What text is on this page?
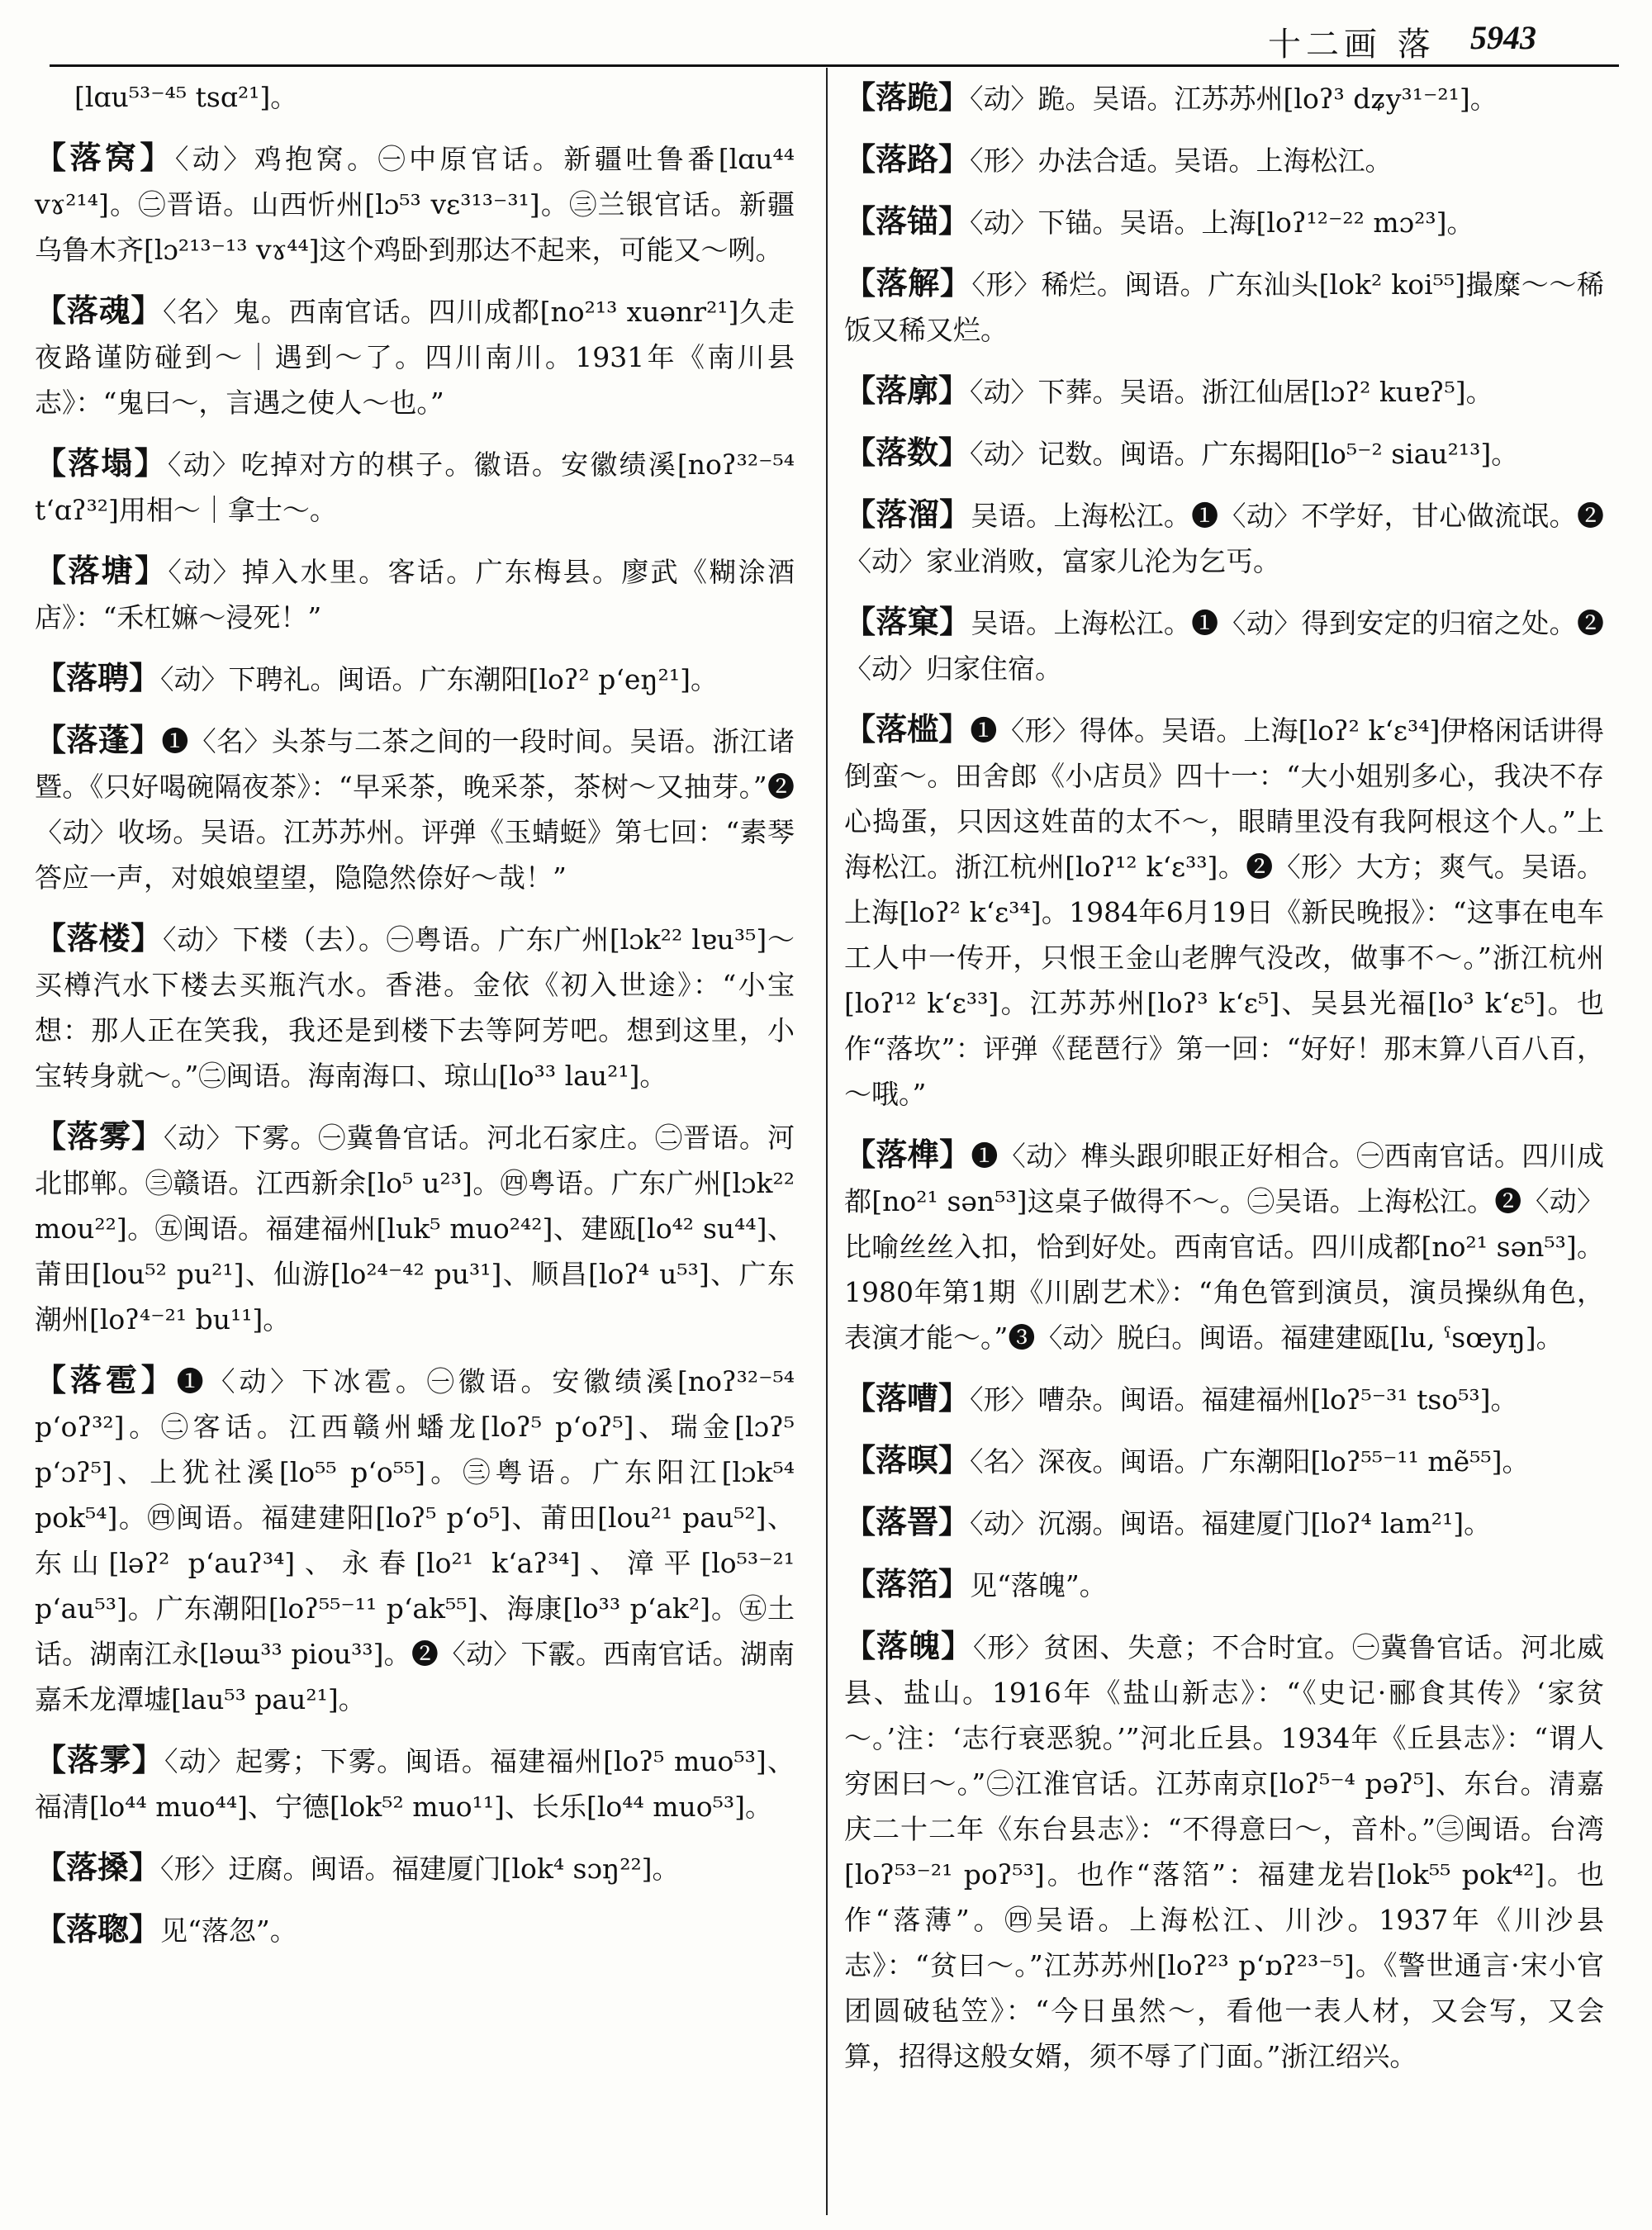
十二画 落 5943

[lɑu⁵³⁻⁴⁵ tsɑ²¹]。

【 落窝 】 〈动〉鸡抱窝。㊀中原官话。新疆吐鲁番[lɑu⁴⁴ vɤ²¹⁴]。㊁晋语。山西忻州[lɔ⁵³ vɛ³¹³⁻³¹]。㊂兰银官话。新疆乌鲁木齐[lɔ²¹³⁻¹³ vɤ⁴⁴]这个鸡卧到那达不起来，可能又～咧。

【 落魂 】 〈名〉鬼。西南官话。四川成都[no²¹³ xuənr²¹]久走夜路谨防碰到～｜遇到～了。四川南川。1931年《南川县志》：“鬼曰～，言遇之使人～也。”

【 落塌 】 〈动〉吃掉对方的棋子。徽语。安徽绩溪[noʔ³²⁻⁵⁴ t‘ɑʔ³²]用相～｜拿士～。

【 落塘 】 〈动〉掉入水里。客话。广东梅县。廖武《糊涂酒店》：“禾杠嫲～浸死！”

【 落聘 】 〈动〉下聘礼。闽语。广东潮阳[loʔ² p‘eŋ²¹]。

【 落蓬 】 ❶〈名〉头茶与二茶之间的一段时间。吴语。浙江诸暨。《只好喝碗隔夜茶》：“早采茶，晚采茶，茶树～又抽芽。”❷〈动〉收场。吴语。江苏苏州。评弹《玉蜻蜓》第七回：“素琴答应一声，对娘娘望望，隐隐然倷好～哉！”

【 落楼 】 〈动〉下楼（去）。㊀粤语。广东广州[lɔk²² lɐu³⁵]～买樽汽水下楼去买瓶汽水。香港。金依《初入世途》：“小宝想：那人正在笑我，我还是到楼下去等阿芳吧。想到这里，小宝转身就～。”㊁闽语。海南海口、琼山[lo³³ lau²¹]。

【 落雾 】 〈动〉下雾。㊀冀鲁官话。河北石家庄。㊁晋语。河北邯郸。㊂赣语。江西新余[lo⁵ u²³]。㊃粤语。广东广州[lɔk²² mou²²]。㊄闽语。福建福州[luk⁵ muo²⁴²]、建瓯[lo⁴² su⁴⁴]、莆田[lou⁵² pu²¹]、仙游[lo²⁴⁻⁴² pu³¹]、顺昌[loʔ⁴ u⁵³]、广东潮州[loʔ⁴⁻²¹ bu¹¹]。

【 落雹 】 ❶〈动〉下冰雹。㊀徽语。安徽绩溪[noʔ³²⁻⁵⁴ p‘oʔ³²]。㊁客话。江西赣州蟠龙[loʔ⁵ p‘oʔ⁵]、瑞金[lɔʔ⁵ p‘ɔʔ⁵]、上犹社溪[lo⁵⁵ p‘o⁵⁵]。㊂粤语。广东阳江[lɔk⁵⁴ pok⁵⁴]。㊃闽语。福建建阳[loʔ⁵ p‘o⁵]、莆田[lou²¹ pau⁵²]、东山[ləʔ² p‘auʔ³⁴]、永春[lo²¹ k‘aʔ³⁴]、漳平[lo⁵³⁻²¹ p‘au⁵³]。广东潮阳[loʔ⁵⁵⁻¹¹ p‘ak⁵⁵]、海康[lo³³ p‘ak²]。㊄土话。湖南江永[ləɯ³³ piou³³]。❷〈动〉下霰。西南官话。湖南嘉禾龙潭墟[lau⁵³ pau²¹]。

【 落雺 】 〈动〉起雾；下雾。闽语。福建福州[loʔ⁵ muo⁵³]、福清[lo⁴⁴ muo⁴⁴]、宁德[lok⁵² muo¹¹]、长乐[lo⁴⁴ muo⁵³]。

【 落搡 】 〈形〉迂腐。闽语。福建厦门[lok⁴ sɔŋ²²]。

【 落聦 】 见“落忽”。

【 落跪 】 〈动〉跪。吴语。江苏苏州[loʔ³ dʑy³¹⁻²¹]。

【 落路 】 〈形〉办法合适。吴语。上海松江。

【 落锚 】 〈动〉下锚。吴语。上海[loʔ¹²⁻²² mɔ²³]。

【 落解 】 〈形〉稀烂。闽语。广东汕头[lok² koi⁵⁵]撮糜～～稀饭又稀又烂。

【 落廓 】 〈动〉下葬。吴语。浙江仙居[lɔʔ² kuɐʔ⁵]。

【 落数 】 〈动〉记数。闽语。广东揭阳[lo⁵⁻² siau²¹³]。

【 落溜 】 吴语。上海松江。❶〈动〉不学好，甘心做流氓。❷〈动〉家业消败，富家儿沦为乞丐。

【 落窠 】 吴语。上海松江。❶〈动〉得到安定的归宿之处。❷〈动〉归家住宿。

【 落槛 】 ❶〈形〉得体。吴语。上海[loʔ² k‘ɛ³⁴]伊格闲话讲得倒蛮～。田舍郎《小店员》四十一：“大小姐别多心，我决不存心捣蛋，只因这姓苗的太不～，眼睛里没有我阿根这个人。”上海松江。浙江杭州[loʔ¹² k‘ɛ³³]。❷〈形〉大方；爽气。吴语。上海[loʔ² k‘ɛ³⁴]。1984年6月19日《新民晚报》：“这事在电车工人中一传开，只恨王金山老脾气没改，做事不～。”浙江杭州[loʔ¹² k‘ɛ³³]。江苏苏州[loʔ³ k‘ɛ⁵]、吴县光福[lo³ k‘ɛ⁵]。也作“落坎”：评弹《琵琶行》第一回：“好好！那末算八百八百，～哦。”

【 落榫 】 ❶〈动〉榫头跟卯眼正好相合。㊀西南官话。四川成都[no²¹ sən⁵³]这桌子做得不～。㊁吴语。上海松江。❷〈动〉比喻丝丝入扣，恰到好处。西南官话。四川成都[no²¹ sən⁵³]。1980年第1期《川剧艺术》：“角色管到演员，演员操纵角色，表演才能～。”❸〈动〉脱臼。闽语。福建建瓯[lu, ˤsœyŋ]。

【 落嘈 】 〈形〉嘈杂。闽语。福建福州[loʔ⁵⁻³¹ tso⁵³]。

【 落暝 】 〈名〉深夜。闽语。广东潮阳[loʔ⁵⁵⁻¹¹ mẽ⁵⁵]。

【 落罯 】 〈动〉沉溺。闽语。福建厦门[loʔ⁴ lam²¹]。

【 落箔 】 见“落魄”。

【 落魄 】 〈形〉贫困、失意；不合时宜。㊀冀鲁官话。河北威县、盐山。1916年《盐山新志》：“《史记·郦食其传》‘家贫～。’注：‘志行衰恶貌。’”河北丘县。1934年《丘县志》：“谓人穷困曰～。”㊁江淮官话。江苏南京[loʔ⁵⁻⁴ pəʔ⁵]、东台。清嘉庆二十二年《东台县志》：“不得意曰～，音朴。”㊂闽语。台湾[loʔ⁵³⁻²¹ poʔ⁵³]。也作“落箔”：福建龙岩[lok⁵⁵ pok⁴²]。也作“落薄”。㊃吴语。上海松江、川沙。1937年《川沙县志》：“贫曰～。”江苏苏州[loʔ²³ p‘ɒʔ²³⁻⁵]。《警世通言·宋小官团圆破毡笠》：“今日虽然～，看他一表人材，又会写，又会算，招得这般女婿，须不辱了门面。”浙江绍兴。
